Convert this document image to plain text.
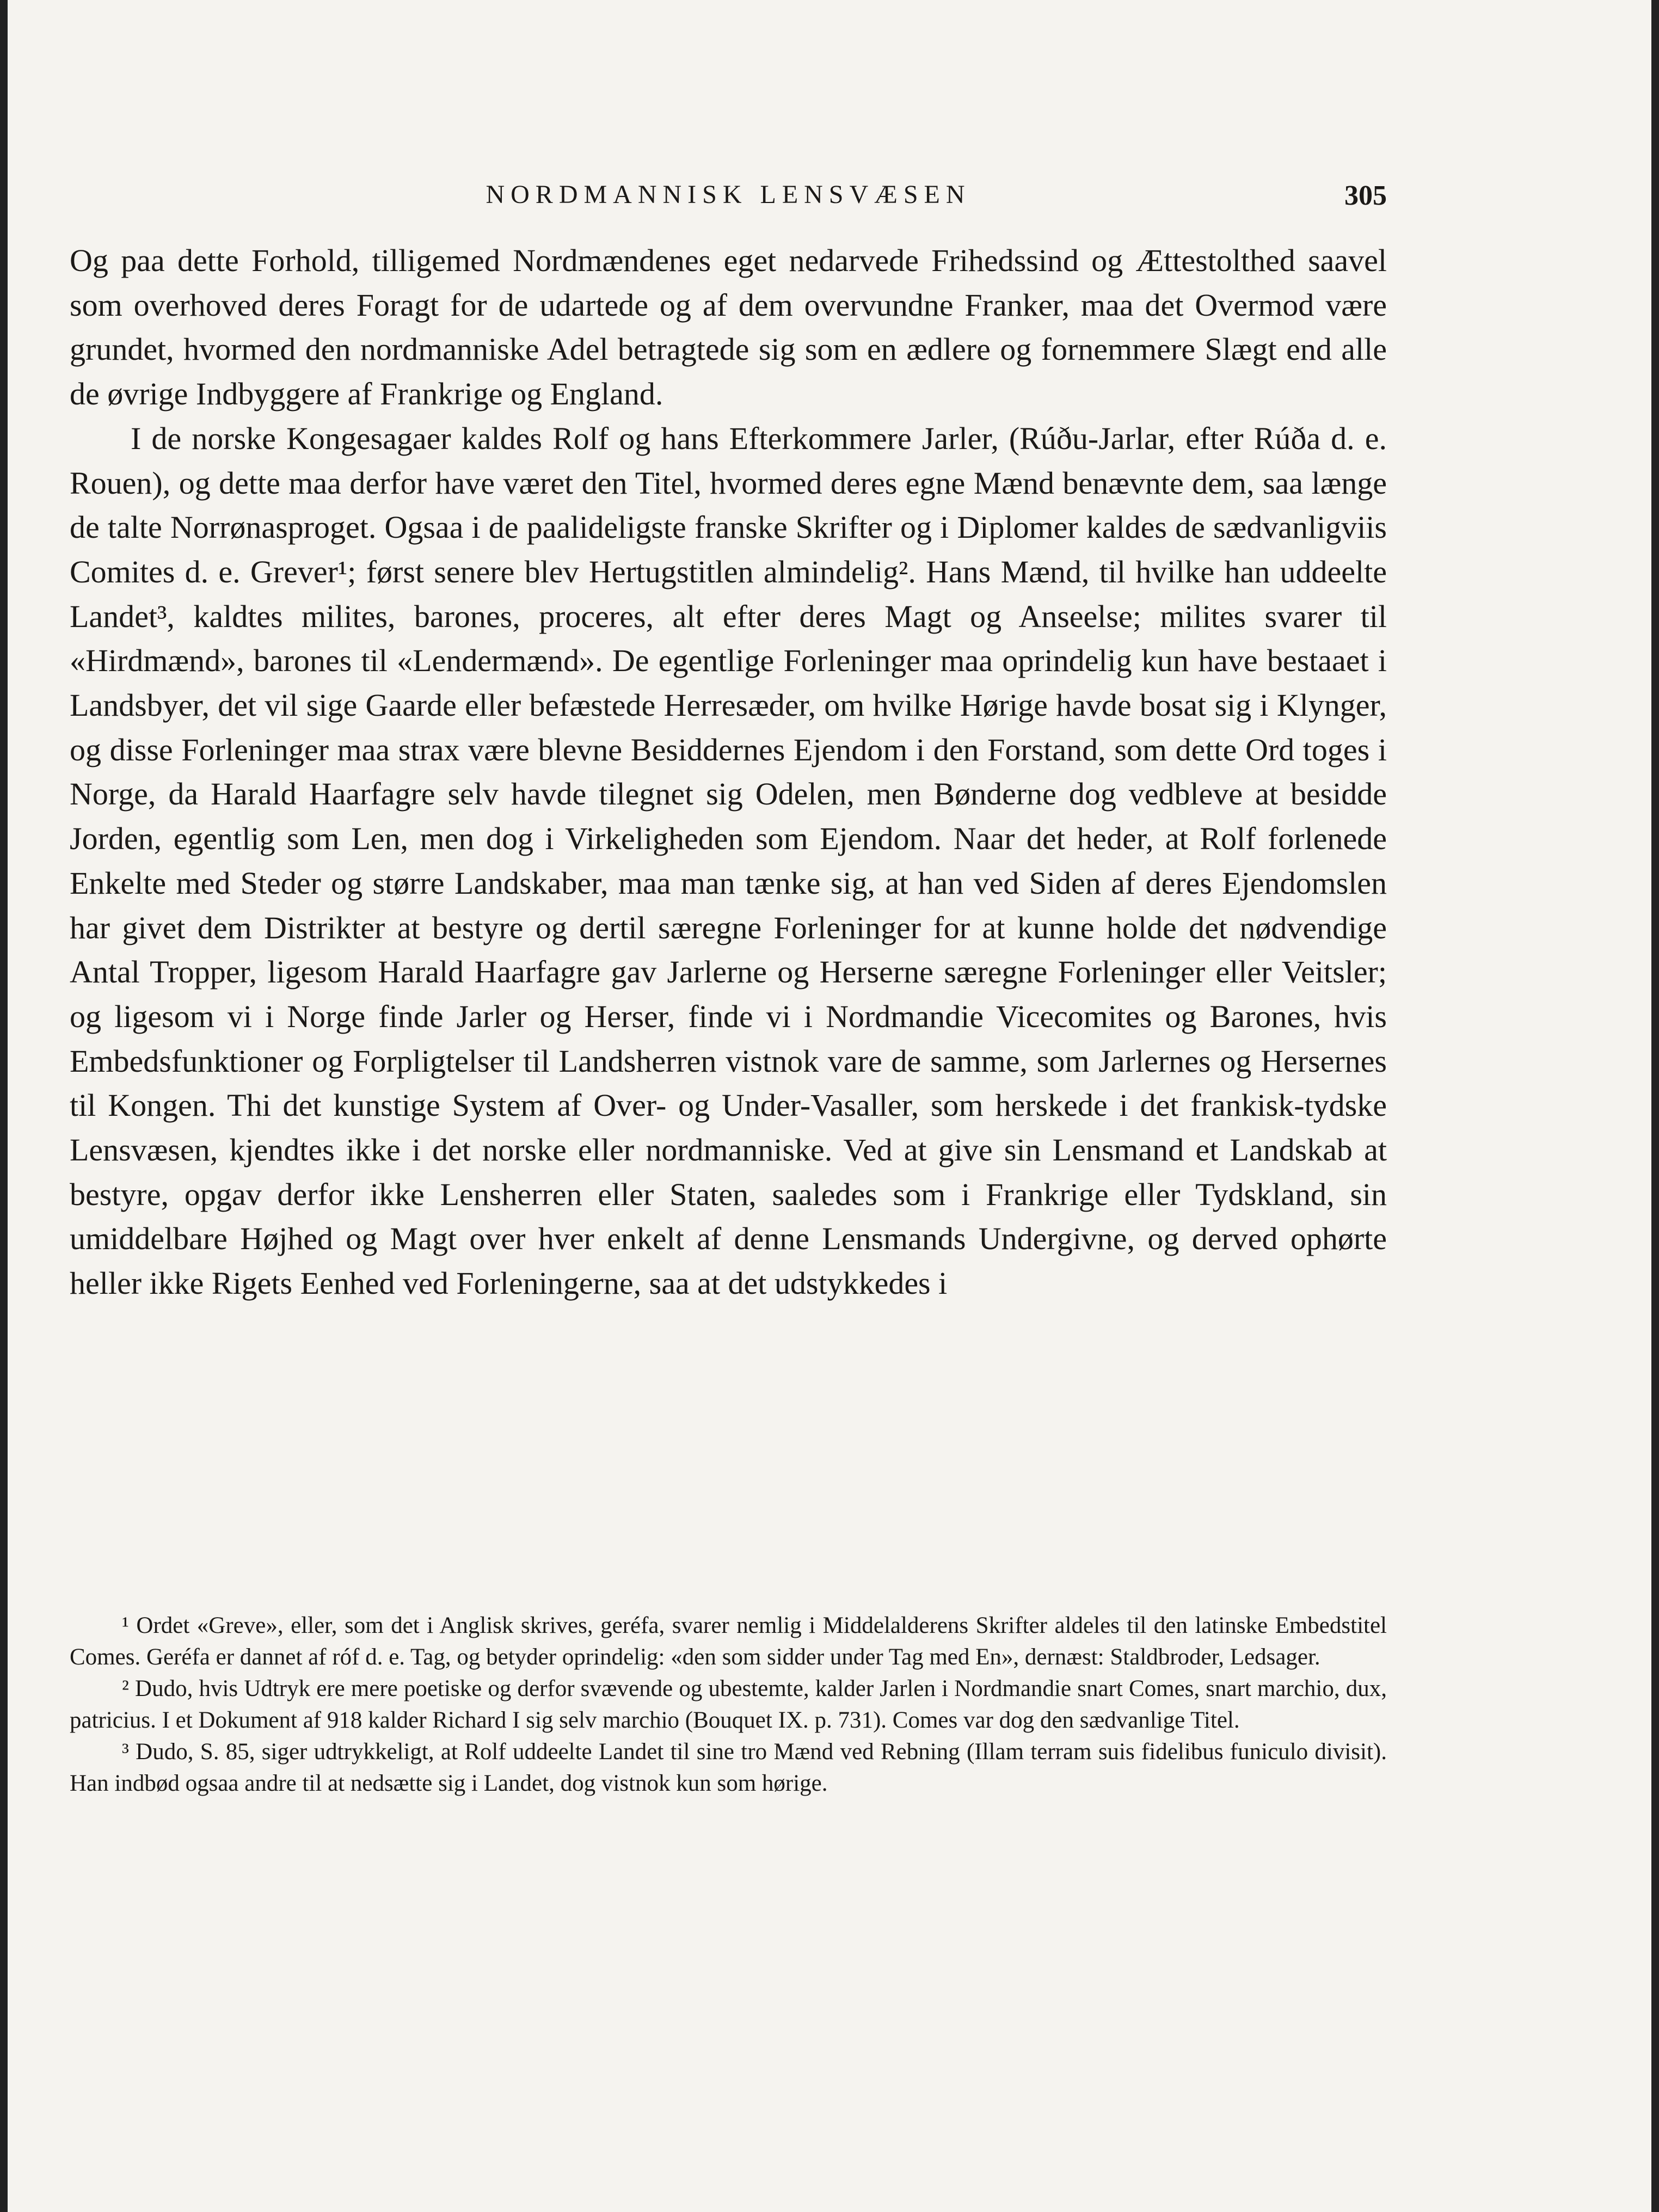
NORDMANNISK LENSVÆSEN	305

Og paa dette Forhold, tilligemed Nordmændenes eget nedarvede Frihedssind og Ættestolthed saavel som overhoved deres Foragt for de udartede og af dem overvundne Franker, maa det Overmod være grundet, hvormed den nordmanniske Adel betragtede sig som en ædlere og fornemmere Slægt end alle de øvrige Indbyggere af Frankrige og England.

I de norske Kongesagaer kaldes Rolf og hans Efterkommere Jarler, (Rúðu-Jarlar, efter Rúða d. e. Rouen), og dette maa derfor have været den Titel, hvormed deres egne Mænd benævnte dem, saa længe de talte Norrønasproget. Ogsaa i de paalideligste franske Skrifter og i Diplomer kaldes de sædvanligviis Comites d. e. Grever¹; først senere blev Hertugstitlen almindelig². Hans Mænd, til hvilke han uddeelte Landet³, kaldtes milites, barones, proceres, alt efter deres Magt og Anseelse; milites svarer til «Hirdmænd», barones til «Lendermænd». De egentlige Forleninger maa oprindelig kun have bestaaet i Landsbyer, det vil sige Gaarde eller befæstede Herresæder, om hvilke Hørige havde bosat sig i Klynger, og disse Forleninger maa strax være blevne Besiddernes Ejendom i den Forstand, som dette Ord toges i Norge, da Harald Haarfagre selv havde tilegnet sig Odelen, men Bønderne dog vedbleve at besidde Jorden, egentlig som Len, men dog i Virkeligheden som Ejendom. Naar det heder, at Rolf forlenede Enkelte med Steder og større Landskaber, maa man tænke sig, at han ved Siden af deres Ejendomslen har givet dem Distrikter at bestyre og dertil særegne Forleninger for at kunne holde det nødvendige Antal Tropper, ligesom Harald Haarfagre gav Jarlerne og Herserne særegne Forleninger eller Veitsler; og ligesom vi i Norge finde Jarler og Herser, finde vi i Nordmandie Vicecomites og Barones, hvis Embedsfunktioner og Forpligtelser til Landsherren vistnok vare de samme, som Jarlernes og Hersernes til Kongen. Thi det kunstige System af Over- og Under-Vasaller, som herskede i det frankisk-tydske Lensvæsen, kjendtes ikke i det norske eller nordmanniske. Ved at give sin Lensmand et Landskab at bestyre, opgav derfor ikke Lensherren eller Staten, saaledes som i Frankrige eller Tydskland, sin umiddelbare Højhed og Magt over hver enkelt af denne Lensmands Undergivne, og derved ophørte heller ikke Rigets Eenhed ved Forleningerne, saa at det udstykkedes i

¹ Ordet «Greve», eller, som det i Anglisk skrives, geréfa, svarer nemlig i Middelalderens Skrifter aldeles til den latinske Embedstitel Comes. Geréfa er dannet af róf d. e. Tag, og betyder oprindelig: «den som sidder under Tag med En», dernæst: Staldbroder, Ledsager.

² Dudo, hvis Udtryk ere mere poetiske og derfor svævende og ubestemte, kalder Jarlen i Nordmandie snart Comes, snart marchio, dux, patricius. I et Dokument af 918 kalder Richard I sig selv marchio (Bouquet IX. p. 731). Comes var dog den sædvanlige Titel.

³ Dudo, S. 85, siger udtrykkeligt, at Rolf uddeelte Landet til sine tro Mænd ved Rebning (Illam terram suis fidelibus funiculo divisit). Han indbød ogsaa andre til at nedsætte sig i Landet, dog vistnok kun som hørige.
